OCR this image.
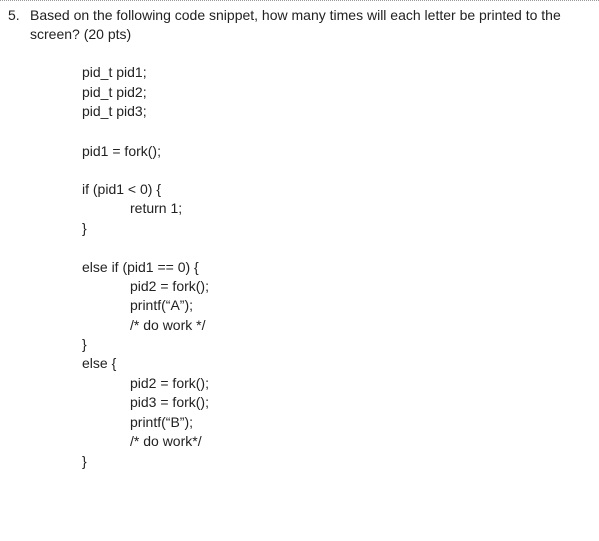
5. Based on the following code snippet, how many times will each letter be printed to the screen? (20 pts)
pid_t pid1;
pid_t pid2;
pid_t pid3;
pid1 = fork();
if (pid1 < 0) {
return 1;
}
else if (pid1 == 0) {
pid2 = fork();
printf(“A”);
/* do work */
}
else {
pid2 = fork();
pid3 = fork();
printf(“B”);
/* do work*/
}
